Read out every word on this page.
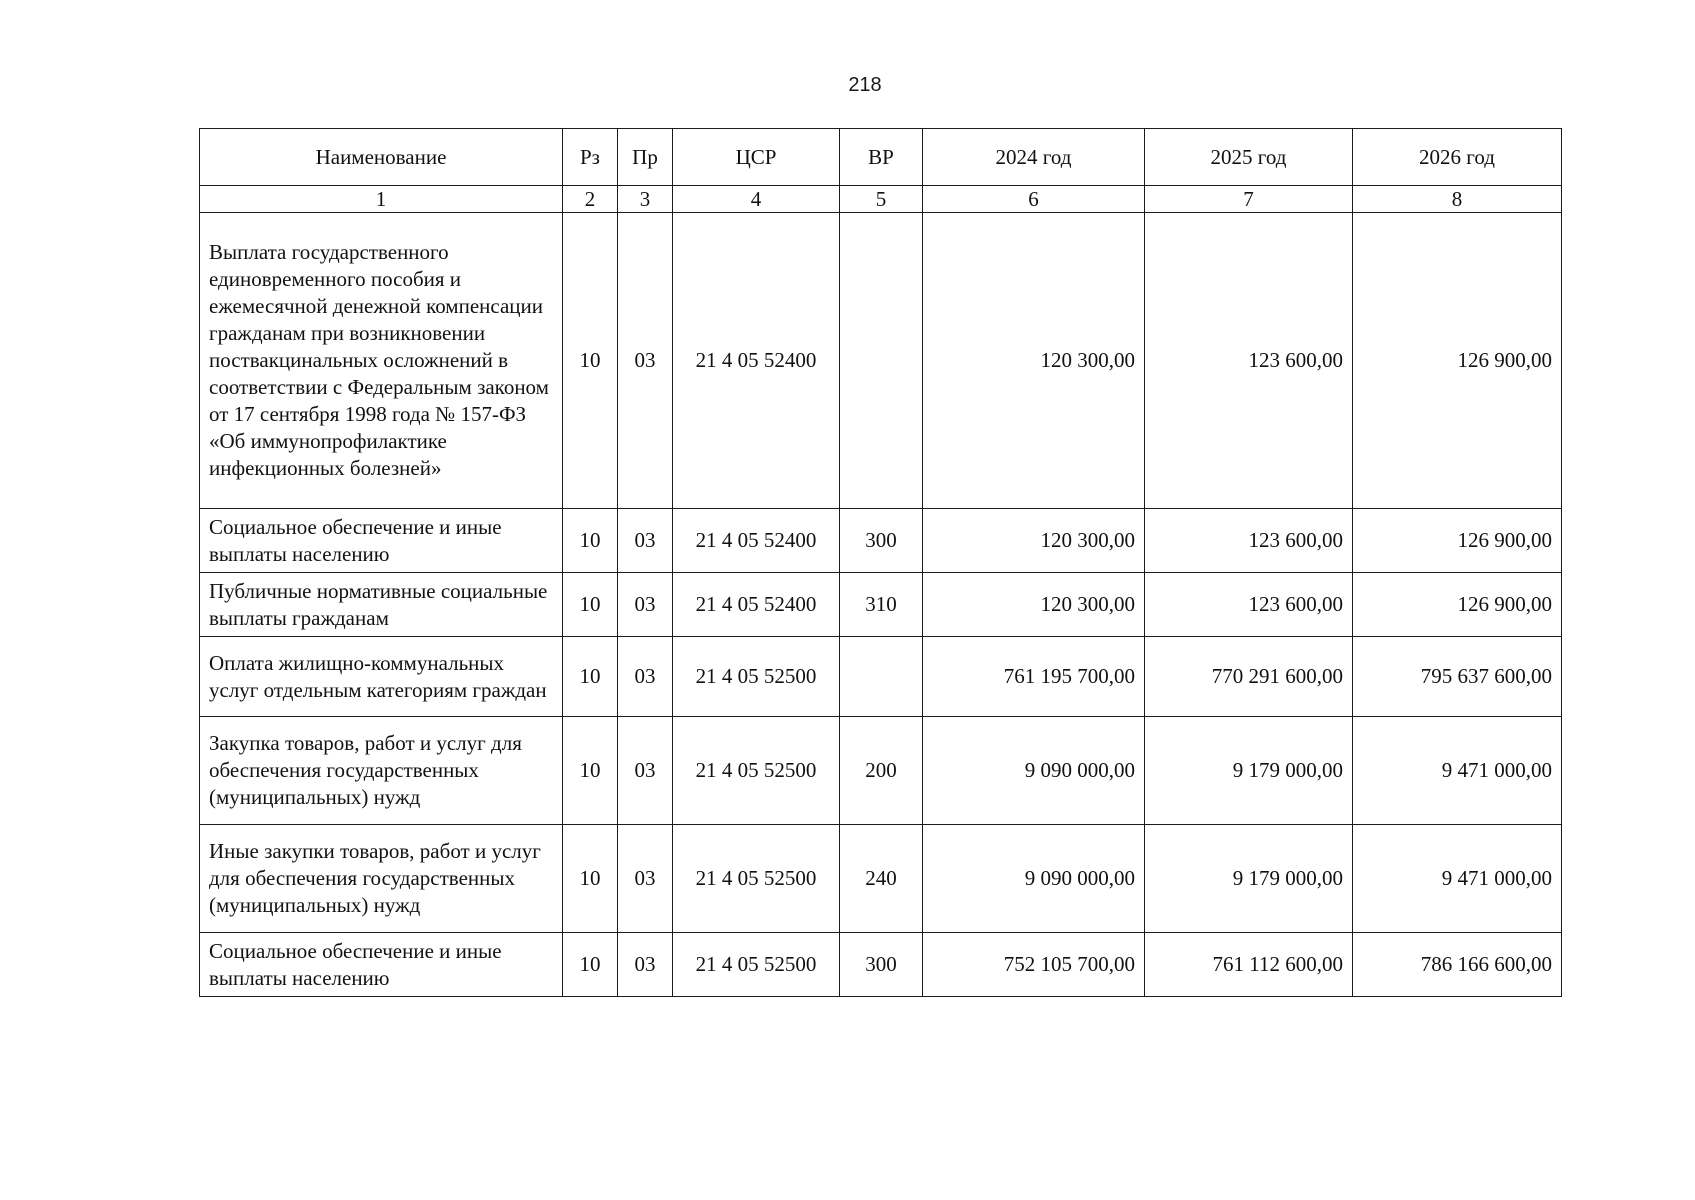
218
Наименование	Рз	Пр	ЦСР	ВР	2024 год	2025 год	2026 год
1	2	3	4	5	6	7	8
Выплата государственного единовременного пособия и ежемесячной денежной компенсации гражданам при возникновении поствакцинальных осложнений в соответствии с Федеральным законом от 17 сентября 1998 года № 157-ФЗ «Об иммунопрофилактике инфекционных болезней»	10	03	21 4 05 52400		120 300,00	123 600,00	126 900,00
Социальное обеспечение и иные выплаты населению	10	03	21 4 05 52400	300	120 300,00	123 600,00	126 900,00
Публичные нормативные социальные выплаты гражданам	10	03	21 4 05 52400	310	120 300,00	123 600,00	126 900,00
Оплата жилищно-коммунальных услуг отдельным категориям граждан	10	03	21 4 05 52500		761 195 700,00	770 291 600,00	795 637 600,00
Закупка товаров, работ и услуг для обеспечения государственных (муниципальных) нужд	10	03	21 4 05 52500	200	9 090 000,00	9 179 000,00	9 471 000,00
Иные закупки товаров, работ и услуг для обеспечения государственных (муниципальных) нужд	10	03	21 4 05 52500	240	9 090 000,00	9 179 000,00	9 471 000,00
Социальное обеспечение и иные выплаты населению	10	03	21 4 05 52500	300	752 105 700,00	761 112 600,00	786 166 600,00
